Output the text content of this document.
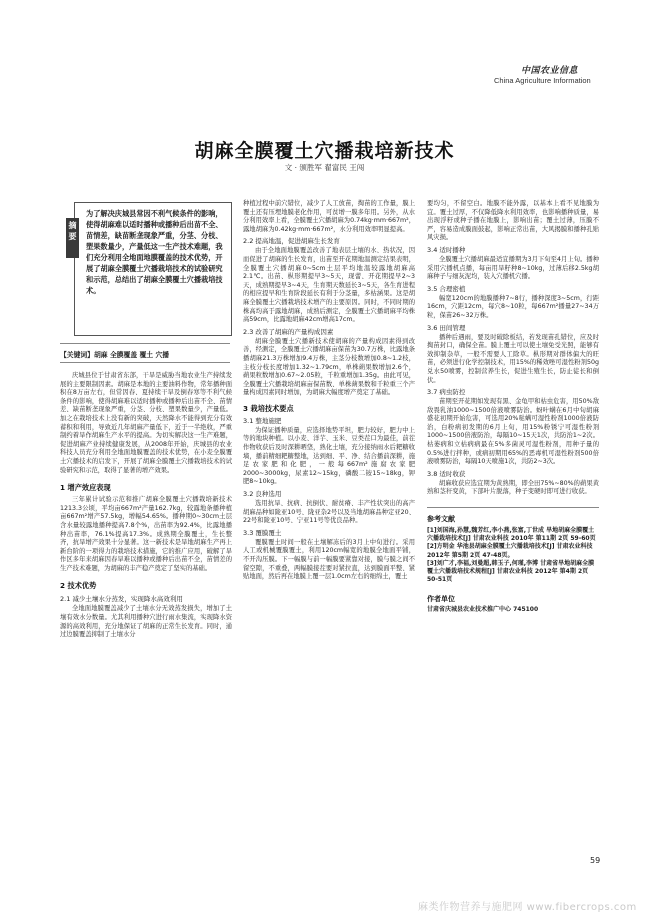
中国农业信息
China Agriculture Information
胡麻全膜覆土穴播栽培新技术
文 · 颁胜军 翟富民 王闯
摘要
为了解决庆城县常因不利气候条件的影响，使得胡麻难以适时播种或播种后出苗不全、苗情差，缺苗断垄现象严重，分茎、分枝、塑果数量少，产量低这一生产技术难题，我们充分利用全地面地膜覆盖的技术优势，开展了胡麻全膜覆土穴播栽培技术的试验研究和示范，总结出了胡麻全膜覆土穴播栽培技术。
【关键词】胡麻 全膜覆盖 覆土 穴播
庆城县位于甘肃省东部，干旱是威胁当地农业生产持续发展的主要限制因素。胡麻是本地的主要油料作物，常年播种面积在8万亩左右，但常因春、夏持续干旱及倒春寒等不利气候条件的影响，使得胡麻难以适时播种或播种后出苗不全、苗情差、缺苗断垄现象严重，分茎、分枝、塑果数量少，产量低。加之在栽培技术上没有新的突破，天然降水不能得到充分有效蓄积和利用，导致近几年胡麻产量低下，近于一半绝收，严重制约着旱作胡麻生产水平的提高。为切实解决这一生产难题，促进胡麻产业持续健康发展，从2008年开始，庆城县的农业科技人员充分利用全地面地膜覆盖的技术优势，在小麦全膜覆土穴播技术的启发下，开展了胡麻全膜覆土穴播栽培技术的试验研究和示范，取得了显著的增产效果。
1 增产效应表现
三年累计试验示范和推广胡麻全膜覆土穴播栽培新技术1213.3公顷，平均亩667m²产量162.7kg，较露地条播种植亩667m²增产57.5kg，增幅54.65%。播种期0~30cm土层含水量较露地播种提高7.8个%，出苗率为92.4%，比露地播种出苗率，76.1%提高17.3%。成熟期全膜覆土，生长整齐，抗旱增产效果十分显著。这一新技术是旱地胡麻生产再上新台阶的一项得力的栽培技术措施，它的推广应用，破解了旱作区多年来胡麻因春旱难以播种或播种后出苗不全，苗情差的生产技术难题，为胡麻的丰产稳产奠定了坚实的基础。
2 技术优势
2.1 减少土壤水分蒸发，实现降水高效利用
全地面地膜覆盖减少了土壤水分无效蒸发损失，增加了土壤有效水分数量。尤其利用播种穴进行雨水集流，实现降水资源的高效利用，充分地保证了胡麻的正常生长发育。同时，通过边膜覆盖抑制了土壤水分
种植过程中前穴错位，减少了人工放苗，掏苗的工作量，膜上覆土还有压埋地膜老化作用，可贫增一膜多年用。另外，从水分利用效率上看，全膜覆土穴播胡麻为0.74kg·mm·667m²，露地胡麻为0.42kg·mm·667m²，水分利用效率明显提高。
2.2 提高地温，促进胡麻生长发育
由于全地面地膜覆盖改善了地表层土壤的水、热状况，因而促进了胡麻的生长发育，出苗至开花期地温测定结果表明，全膜覆土穴播胡麻0~5cm土层平均地温较露地胡麻高2.1℃。出苗、枞形期提早3~5天，现蕾、开花期提早2~3天，成熟期提早3~4天，生育期天数延长3~5天，各生育进程的相应提早和生育阶段延长有利于分茎量，多枯涵果。这是胡麻全膜覆土穴播栽培技术增产的主要原因。同时，不同时期的株高均高于露地胡麻，成熟后测定，全膜覆土穴播胡麻平均株高59cm，比露地胡麻42cm增高17cm。
2.3 改善了胡麻的产量构成因素
胡麻全膜覆土穴播新技术使胡麻的产量构成因素得到改善，经测定，全膜覆土穴播胡麻亩保苗为30.7万株，比露地条播胡麻21.3万株增加9.4万株，主茎分枝数增加0.8~1.2枝，主枝分枝长度增加1.32~1.79cm，单株蒴果数增加2.6个，蒴果粒数增加0.67~2.05粒，千粒重增加1.35g。由此可见，全膜覆土穴播栽培胡麻亩保苗数、单株蒴果数和千粒重三个产量构成因素同时增加，为胡麻大幅度增产奠定了基础。
3 栽培技术要点
3.1 整地施肥
为保证播种质量，应选择地势平坦，肥力较好，肥力中上等的地块种植。以小麦、洋芋、玉米、豆类茬口为最佳，前茬作物收获后及时深耕晒垡，熟化土壤，充分接纳雨水后耙糖收墒，播前精细耙糖整地，达到细、平、净、结合播前深耕，施足农家肥和化肥，一般每667m²施腐农家肥2000~3000kg，尿素12~15kg，磷酸二铵15~18kg，钾肥8~10kg。
3.2 良种选用
选用抗旱、抗病、抗倒伏、耐贫瘠、丰产性状突出的高产胡麻品种如陇亚10号、陇亚杂2号以及当地胡麻品种定亚20、22号和陇亚10号、宁亚11号等优良品种。
3.3 覆膜覆土
覆膜覆土时间一般在土壤解冻后的3月上中旬进行。采用人工或机械覆膜覆土，利用120cm幅宽的地膜全地面平铺，不开沟压膜。下一幅膜与前一幅膜要紧靠对接，膜与膜之间不留空隙，不重叠，两幅膜接茬要对紧拉直，达到膜面平整、紧贴地面，然后再在地膜上覆一层1.0cm左右的细绵土，覆土
要均匀，不留空白。地膜不能外露，以基本上看不见地膜为宜。覆土过厚，不仅降低降水利用效率，也影响播种质量，易出现浮籽或种子播在地膜上，影响出苗；覆土过薄，压膜不严，容易造成膜面鼓起，影响正常出苗，大风揭膜和播种孔贴风灾损。
3.4 适时播种
全膜覆土穴播胡麻最适宜播期为3月下旬至4月上旬。播种采用穴播机点播，每亩用旱籽种8~10kg，过薄后移2.5kg胡麻种子与细灰泥均，装入穴播机穴播。
3.5 合理密植
幅宽120cm的地膜播种7~8行，播种深度3~5cm，行距16cm，穴距12cm，每穴8~10粒，每667m²播量27~34万粒，保苗26~32万株。
3.6 田间管理
播种后遇雨，要及时破除板结，若发现苗孔错位，应及时掏苗封口，确保全苗。膜上覆土可以使土壤免受光照，能够有效抑制杂草，一般不需要人工除草。枞形期对群体偏大的旺苗，必须进行化学控制技术，用15%的稀效唑可湿性粉剂50g兑水50喷雾，控制营养生长，促进生殖生长，防止徒长和倒伏。
3.7 病虫防控
苗期至开花期如发现有黑、金龟甲和枯虫危害，用50%敌敌畏乳油1000~1500倍液喷雾防治。蚜叶螨在6月中旬胡麻盛花初期开始危害，可选用20%哒螨可湿性粉剂1000倍液防治，白粉病初发期的6月上旬，用15%粉锈宁可湿性粉剂1000~1500倍液防治，每隔10~15天1次，共防治1~2次。枯萎病和立枯病病最在5%多菌灵可湿性粉剂，用种子量的0.5%进行拌种，或病初期用65%的恶毒机可湿性粉剂500倍液喷雾防治，每隔10天喷施1次，共防2~3次。
3.8 适时收获
胡麻收获应选宜期为黄熟期，即全田75%~80%的蒴果黄熟和茎秆变黄，下部叶片脱落，种子变硬时即可进行收获。
参考文献
[1]刘国海,孙慧,魏芳红,李小燕,张富,丁世成 旱地胡麻全膜覆土穴播栽培技术[J] 甘肃农业科技 2010年 第11期 2页 59-60页
[2]方明金 华池县胡麻全膜覆土穴播栽培技术[J] 甘肃农业科技 2012年 第5期 2页 47-48页。
[3]刘广才,李福,刘曼超,韩玉子,何瑾,李博 甘肃省旱地胡麻全膜覆土穴播栽培技术规程[J] 甘肃农业科技 2012年 第4期 2页 50-51页
作者单位
甘肃省庆城县农业技术推广中心 745100
59
麻类作物营养与施肥网 www.fibercrops.com
